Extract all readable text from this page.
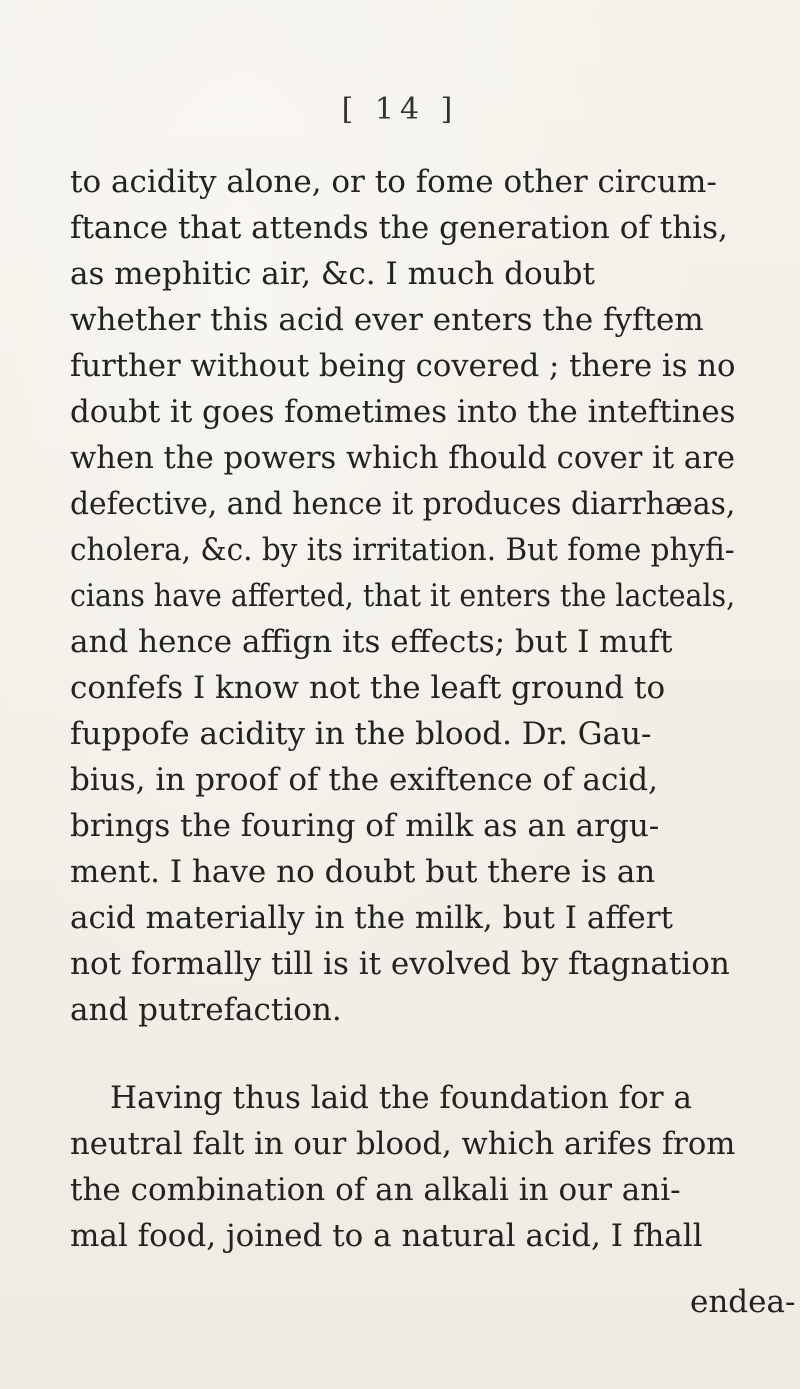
[ 14 ]
to acidity alone, or to fome other circum-
ftance that attends the generation of this,
as mephitic air, &c. I much doubt
whether this acid ever enters the fyftem
further without being covered ; there is no
doubt it goes fometimes into the inteftines
when the powers which fhould cover it are
defective, and hence it produces diarrhæas,
cholera, &c. by its irritation. But fome phyfi-
cians have afferted, that it enters the lacteals,
and hence affign its effects; but I muft
confefs I know not the leaft ground to
fuppofe acidity in the blood. Dr. Gau-
bius, in proof of the exiftence of acid,
brings the fouring of milk as an argu-
ment. I have no doubt but there is an
acid materially in the milk, but I affert
not formally till is it evolved by ftagnation
and putrefaction.
Having thus laid the foundation for a
neutral falt in our blood, which arifes from
the combination of an alkali in our ani-
mal food, joined to a natural acid, I fhall
endea-
